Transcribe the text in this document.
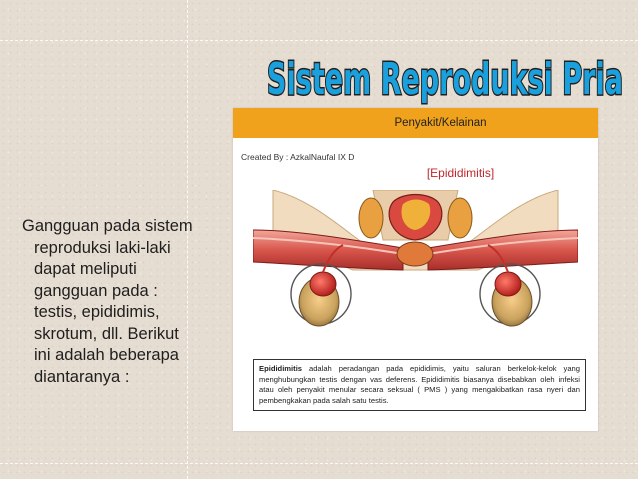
Sistem Reproduksi Pria

Gangguan pada sistem reproduksi laki-laki dapat meliputi gangguan pada : testis, epididimis, skrotum, dll. Berikut ini adalah beberapa diantaranya :

Penyakit/Kelainan
Created By : AzkalNaufal IX D
[Epididimitis]
Epididimitis adalah peradangan pada epididimis, yaitu saluran berkelok-kelok yang menghubungkan testis dengan vas deferens. Epididimitis biasanya disebabkan oleh infeksi atau oleh penyakit menular secara seksual ( PMS ) yang mengakibatkan rasa nyeri dan pembengkakan pada salah satu testis.
